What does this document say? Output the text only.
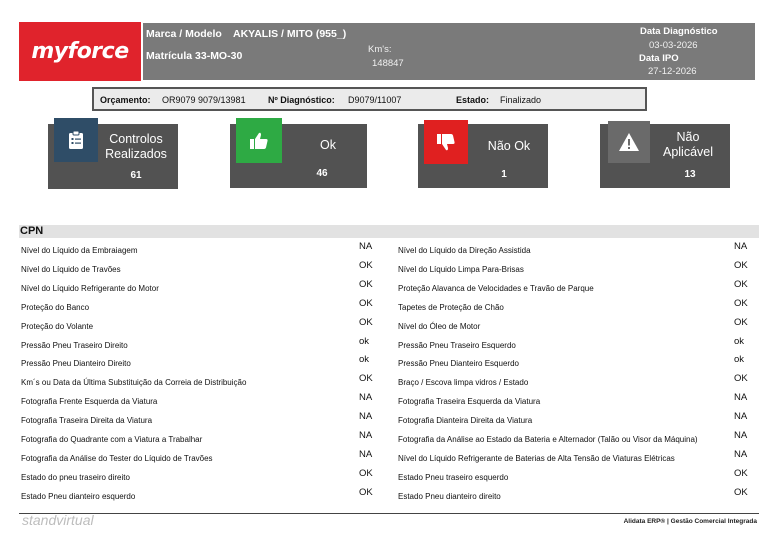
myforce
Marca / Modelo AKYALIS / MITO (955_)
Matrícula 33-MO-30
Km's:
148847
Data Diagnóstico
03-03-2026
Data IPO
27-12-2026
Orçamento: OR9079 9079/13981 Nº Diagnóstico: D9079/11007	Estado: Finalizado
Controlos Realizados
61
Ok
46
Não Ok
1
Não Aplicável
13
CPN
Nível do Líquido da Embraiagem	NA
Nível do Líquido de Travões	OK
Nível do Líquido Refrigerante do Motor	OK
Proteção do Banco	OK
Proteção do Volante	OK
Pressão Pneu Traseiro Direito	ok
Pressão Pneu Dianteiro Direito	ok
Km´s ou Data da Última Substituição da Correia de Distribuição	OK
Fotografia Frente Esquerda da Viatura	NA
Fotografia Traseira Direita da Viatura	NA
Fotografia do Quadrante com a Viatura a Trabalhar	NA
Fotografia da Análise do Tester do Líquido de Travões	NA
Estado do pneu traseiro direito	OK
Estado Pneu dianteiro esquerdo	OK
Nível do Líquido da Direção Assistida	NA
Nível do Líquido Limpa Para-Brisas	OK
Proteção Alavanca de Velocidades e Travão de Parque	OK
Tapetes de Proteção de Chão	OK
Nível do Óleo de Motor	OK
Pressão Pneu Traseiro Esquerdo	ok
Pressão Pneu Dianteiro Esquerdo	ok
Braço / Escova limpa vidros / Estado	OK
Fotografia Traseira Esquerda da Viatura	NA
Fotografia Dianteira Direita da Viatura	NA
Fotografia da Análise ao Estado da Bateria e Alternador (Talão ou Visor da Máquina)	NA
Nível do Líquido Refrigerante de Baterias de Alta Tensão de Viaturas Elétricas	NA
Estado Pneu traseiro esquerdo	OK
Estado Pneu dianteiro direito	OK
standvirtual	Alidata ERP® | Gestão Comercial Integrada
